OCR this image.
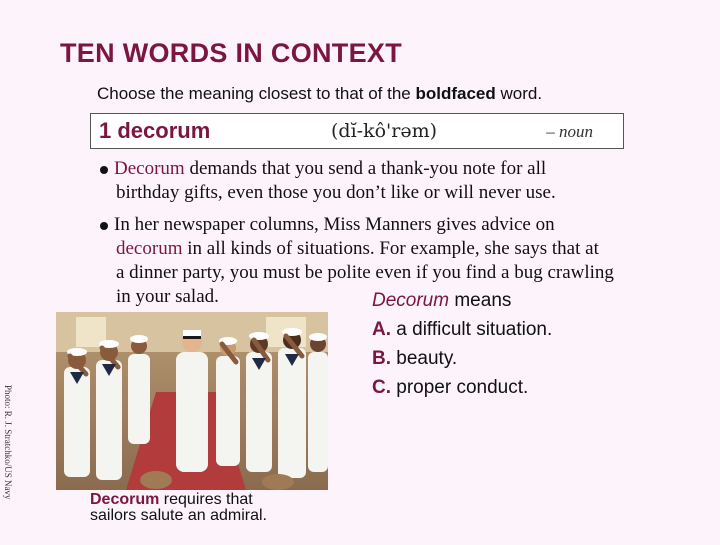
TEN WORDS IN CONTEXT
Choose the meaning closest to that of the boldfaced word.
1 decorum	(dĭ-kô'rəm)	– noun
Decorum demands that you send a thank-you note for all
birthday gifts, even those you don’t like or will never use.
In her newspaper columns, Miss Manners gives advice on
decorum in all kinds of situations. For example, she says that at
a dinner party, you must be polite even if you find a bug crawling
in your salad.	Decorum means
A. a difficult situation.
B. beauty.
C. proper conduct.
Photo: R. J. Stratchko/US Navy	Decorum requires that
sailors salute an admiral.
